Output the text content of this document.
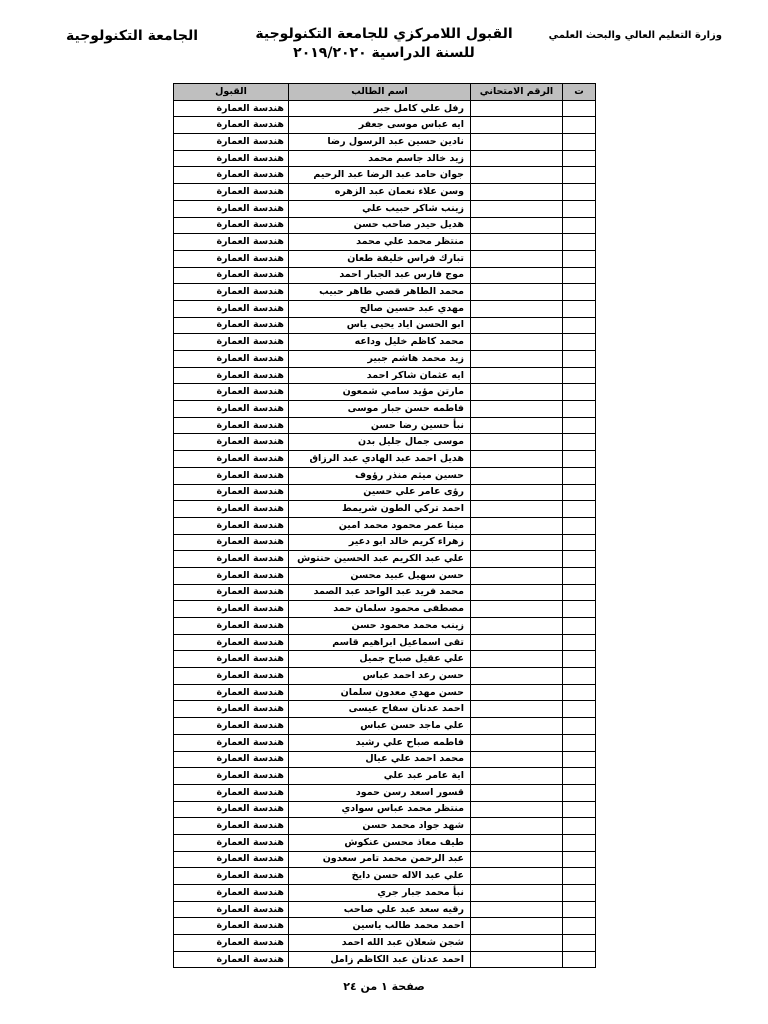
وزارة التعليم العالي والبحث العلمي
القبول اللامركزي للجامعة التكنولوجية
للسنة الدراسية ٢٠١٩/٢٠٢٠
الجامعة التكنولوجية
ت	الرقم الامتحاني	اسم الطالب	القبول
		رفل علي كامل جبر	هندسة العمارة
		ايه عباس موسى جعفر	هندسة العمارة
		نادين حسين عبد الرسول رضا	هندسة العمارة
		زيد خالد جاسم محمد	هندسة العمارة
		جوان حامد عبد الرضا عبد الرحيم	هندسة العمارة
		وسن علاء نعمان عبد الزهره	هندسة العمارة
		زينب شاكر حبيب علي	هندسة العمارة
		هديل حيدر صاحب حسن	هندسة العمارة
		منتظر محمد علي محمد	هندسة العمارة
		تبارك فراس خليفة طعان	هندسة العمارة
		موج فارس عبد الجبار احمد	هندسة العمارة
		محمد الطاهر قصي طاهر حبيب	هندسة العمارة
		مهدي عبد حسين صالح	هندسة العمارة
		ابو الحسن اياد يحيى ياس	هندسة العمارة
		محمد كاظم خليل وداعه	هندسة العمارة
		زيد محمد هاشم جبير	هندسة العمارة
		ايه عثمان شاكر احمد	هندسة العمارة
		مارتن مؤيد سامي شمعون	هندسة العمارة
		فاطمه حسن جبار موسى	هندسة العمارة
		نبأ حسين رضا حسن	هندسة العمارة
		موسى جمال جليل بدن	هندسة العمارة
		هديل احمد عبد الهادي عبد الرزاق	هندسة العمارة
		حسين ميثم منذر رؤوف	هندسة العمارة
		رؤى عامر علي حسين	هندسة العمارة
		احمد تركي الطون شريمط	هندسة العمارة
		مينا عمر محمود محمد امين	هندسة العمارة
		زهراء كريم خالد ابو دعير	هندسة العمارة
		علي عبد الكريم عبد الحسين حنتوش	هندسة العمارة
		حسن سهيل عبيد محسن	هندسة العمارة
		محمد فريد عبد الواحد عبد الصمد	هندسة العمارة
		مصطفى محمود سلمان حمد	هندسة العمارة
		زينب محمد محمود حسن	هندسة العمارة
		تقى اسماعيل ابراهيم قاسم	هندسة العمارة
		علي عقيل صباح جميل	هندسة العمارة
		حسن رعد احمد عباس	هندسة العمارة
		حسن مهدي معدون سلمان	هندسة العمارة
		احمد عدنان سفاح عيسى	هندسة العمارة
		علي ماجد حسن عباس	هندسة العمارة
		فاطمه صباح علي رشيد	هندسة العمارة
		محمد احمد علي عيال	هندسة العمارة
		اية عامر عبد علي	هندسة العمارة
		قسور اسعد رسن حمود	هندسة العمارة
		منتظر محمد عباس سوادي	هندسة العمارة
		شهد جواد محمد حسن	هندسة العمارة
		طيف معاذ محسن عنكوش	هندسة العمارة
		عبد الرحمن محمد تامر سعدون	هندسة العمارة
		علي عبد الاله حسن دايخ	هندسة العمارة
		نبأ محمد جبار جري	هندسة العمارة
		رقيه سعد عبد علي صاحب	هندسة العمارة
		احمد محمد طالب ياسين	هندسة العمارة
		شجن شعلان عبد الله احمد	هندسة العمارة
		احمد عدنان عبد الكاظم زامل	هندسة العمارة
صفحة ١ من ٢٤
